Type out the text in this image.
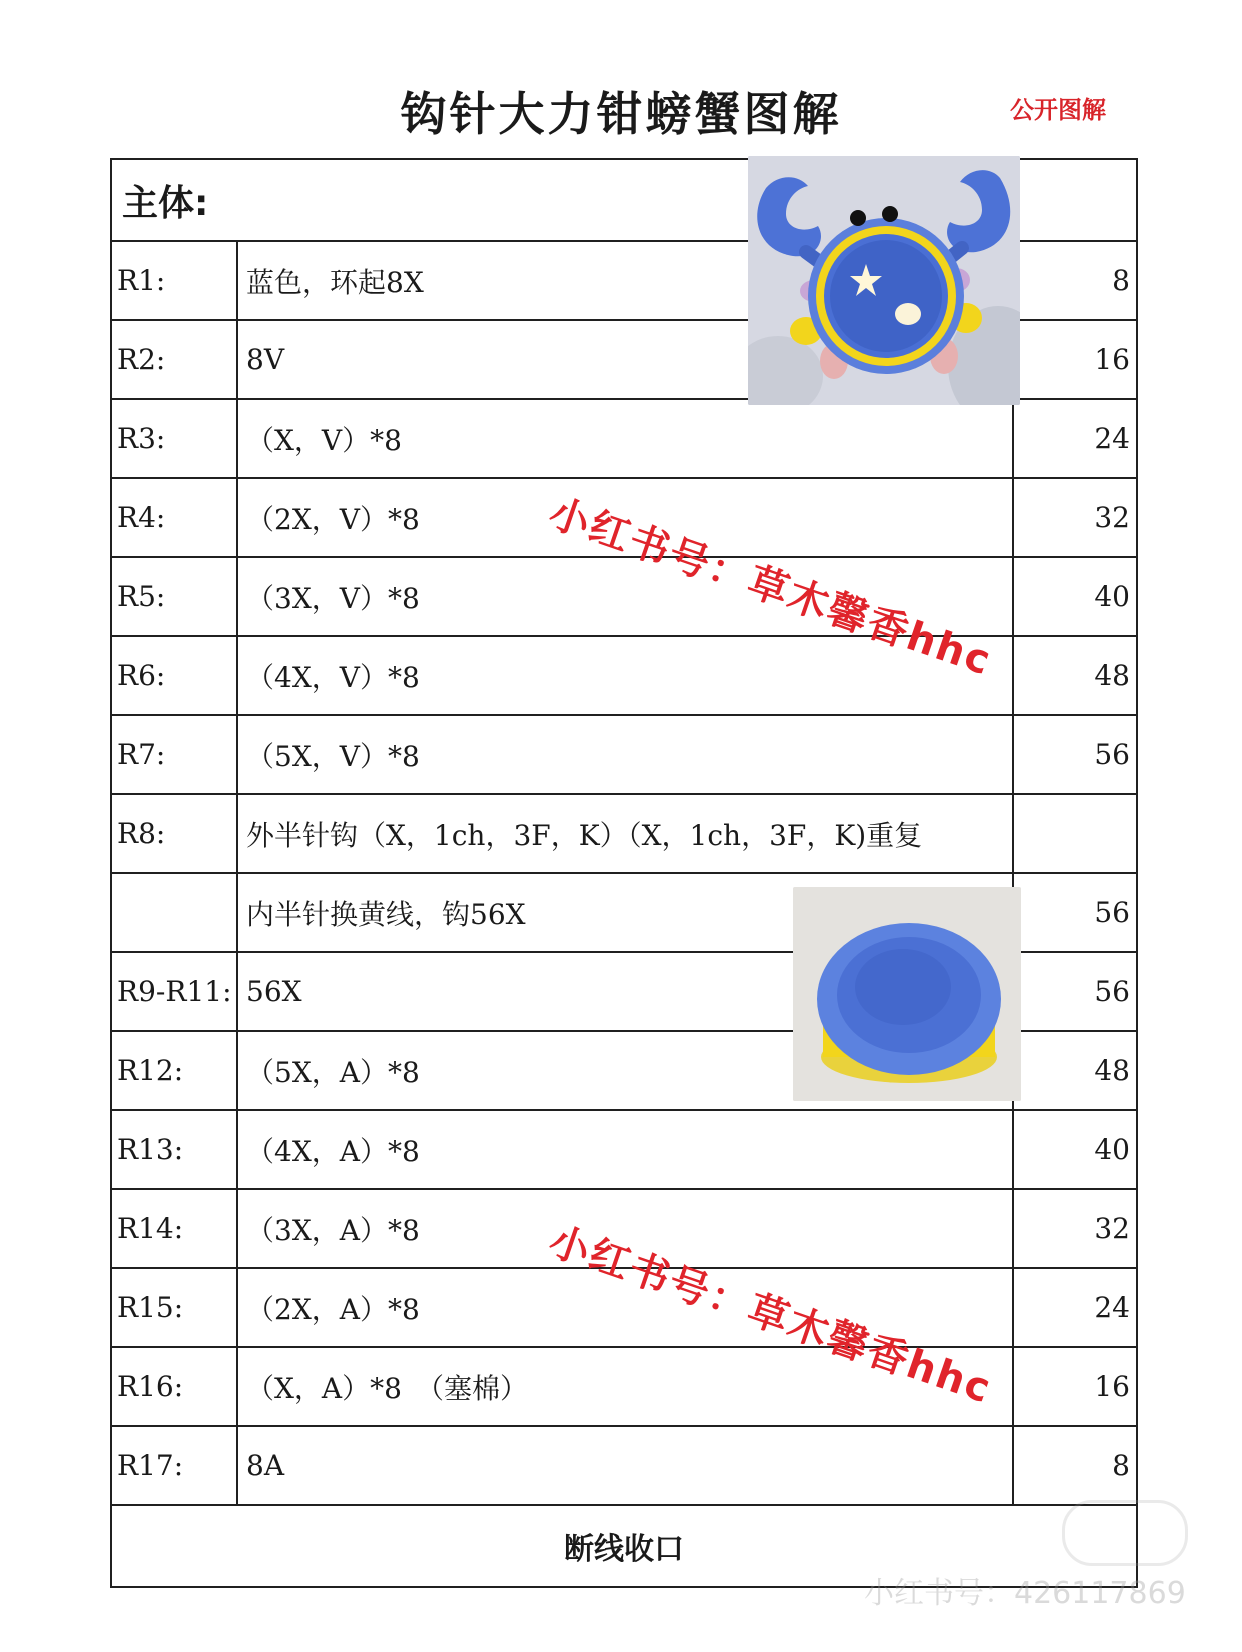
钩针大力钳螃蟹图解	公开图解
主体:		
R1:	蓝色，环起8X	8
R2:	8V	16
R3:	（X，V）*8	24
R4:	（2X，V）*8	32
R5:	（3X，V）*8	40
R6:	（4X，V）*8	48
R7:	（5X，V）*8	56
R8:	外半针钩（X，1ch，3F，K）（X，1ch，3F，K)重复	
	内半针换黄线，钩56X	56
R9-R11:	56X	56
R12:	（5X，A）*8	48
R13:	（4X，A）*8	40
R14:	（3X，A）*8	32
R15:	（2X，A）*8	24
R16:	（X，A）*8　（塞棉）	16
R17:	8A	8
断线收口		
小红书号：草木馨香hhc
小红书号：草木馨香hhc
小红书号：426117869
